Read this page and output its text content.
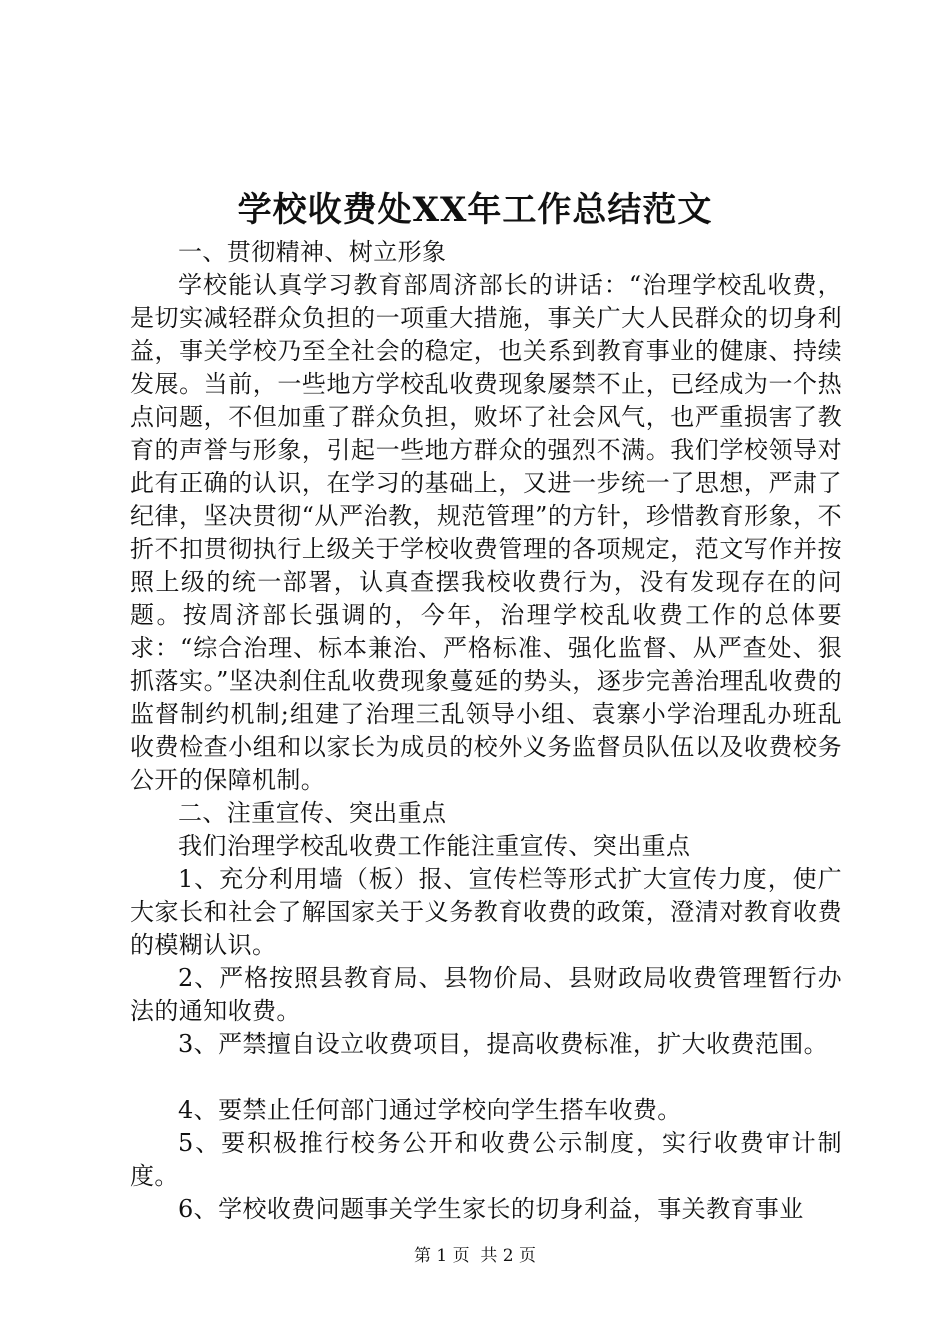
学校收费处XX年工作总结范文

一、贯彻精神、树立形象

学校能认真学习教育部周济部长的讲话：“治理学校乱收费，是切实减轻群众负担的一项重大措施，事关广大人民群众的切身利益，事关学校乃至全社会的稳定，也关系到教育事业的健康、持续发展。当前，一些地方学校乱收费现象屡禁不止，已经成为一个热点问题，不但加重了群众负担，败坏了社会风气，也严重损害了教育的声誉与形象，引起一些地方群众的强烈不满。我们学校领导对此有正确的认识，在学习的基础上，又进一步统一了思想，严肃了纪律，坚决贯彻“从严治教，规范管理”的方针，珍惜教育形象，不折不扣贯彻执行上级关于学校收费管理的各项规定，范文写作并按照上级的统一部署，认真查摆我校收费行为，没有发现存在的问题。按周济部长强调的，今年，治理学校乱收费工作的总体要求：“综合治理、标本兼治、严格标准、强化监督、从严查处、狠抓落实。”坚决刹住乱收费现象蔓延的势头，逐步完善治理乱收费的监督制约机制;组建了治理三乱领导小组、袁寨小学治理乱办班乱收费检查小组和以家长为成员的校外义务监督员队伍以及收费校务公开的保障机制。

二、注重宣传、突出重点

我们治理学校乱收费工作能注重宣传、突出重点

1、充分利用墙（板）报、宣传栏等形式扩大宣传力度，使广大家长和社会了解国家关于义务教育收费的政策，澄清对教育收费的模糊认识。

2、严格按照县教育局、县物价局、县财政局收费管理暂行办法的通知收费。

3、严禁擅自设立收费项目，提高收费标准，扩大收费范围。

4、要禁止任何部门通过学校向学生搭车收费。

5、要积极推行校务公开和收费公示制度，实行收费审计制度。

6、学校收费问题事关学生家长的切身利益，事关教育事业

第 1 页  共 2 页
